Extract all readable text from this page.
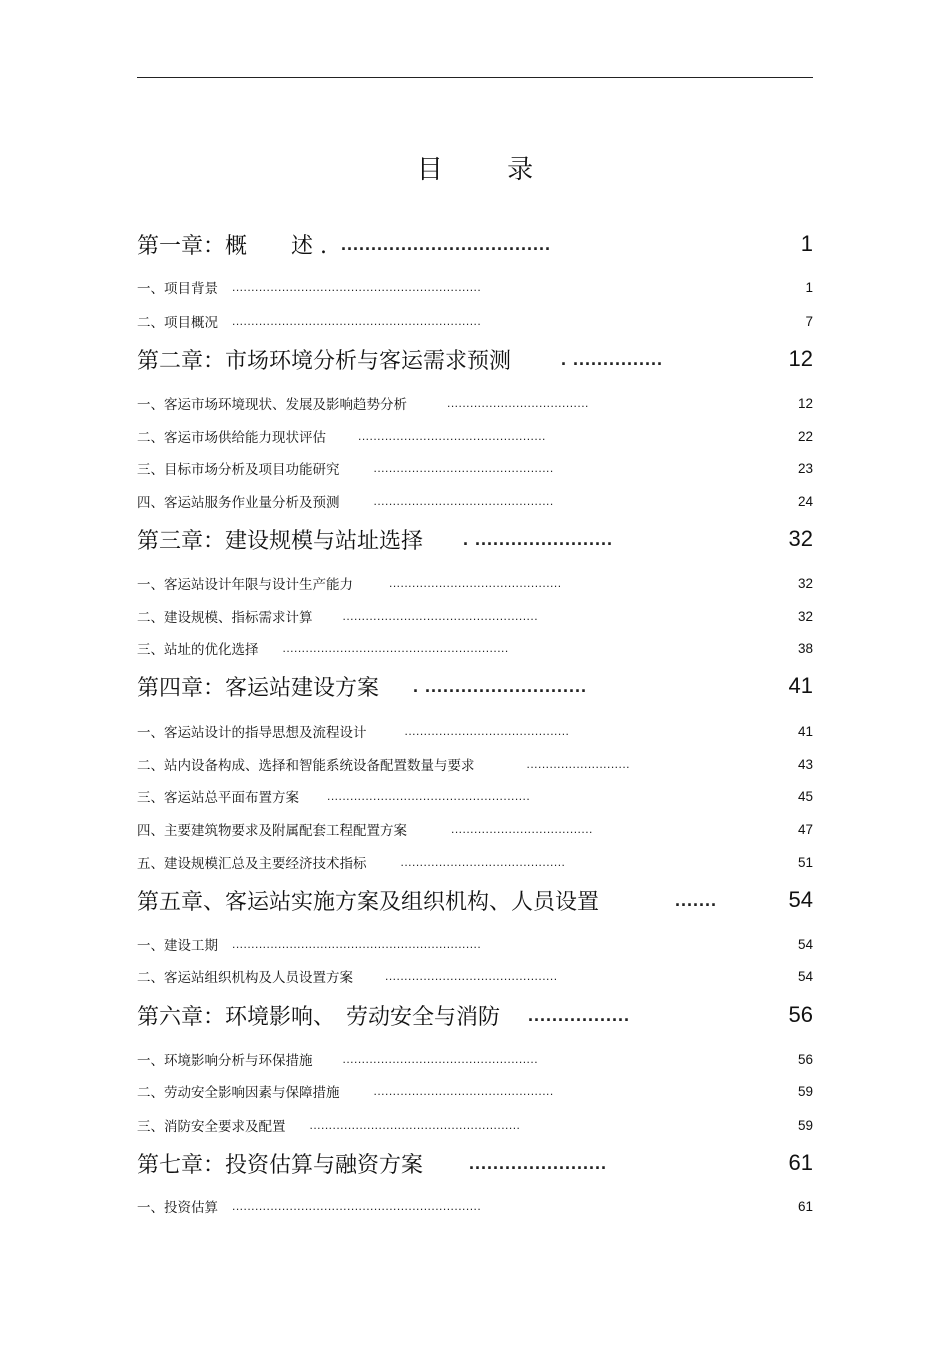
目 录
第一章：概　　述 . ...................................	1
一、项目背景 .................................................................	1
二、项目概况 .................................................................	7
第二章：市场环境分析与客运需求预测	. ...............	12
一、客运市场环境现状、发展及影响趋势分析	.....................................	12
二、客运市场供给能力现状评估	.................................................	22
三、目标市场分析及项目功能研究	...............................................	23
四、客运站服务作业量分析及预测	...............................................	24
第三章：建设规模与站址选择 . .......................	32
一、客运站设计年限与设计生产能力	.............................................	32
二、建设规模、指标需求计算	...................................................	32
三、站址的优化选择 ...........................................................	38
第四章：客运站建设方案 . ...........................	41
一、客运站设计的指导思想及流程设计	...........................................	41
二、站内设备构成、选择和智能系统设备配置数量与要求	...........................	43
三、客运站总平面布置方案 .....................................................	45
四、主要建筑物要求及附属配套工程配置方案	.....................................	47
五、建设规模汇总及主要经济技术指标	...........................................	51
第五章、客运站实施方案及组织机构、人员设置	.......	54
一、建设工期 .................................................................	54
二、客运站组织机构及人员设置方案	.............................................	54
第六章：环境影响、　劳动安全与消防 .................	56
一、环境影响分析与环保措施	...................................................	56
二、劳动安全影响因素与保障措施	...............................................	59
三、消防安全要求及配置 .......................................................	59
第七章：投资估算与融资方案	.......................	61
一、投资估算 .................................................................	61
